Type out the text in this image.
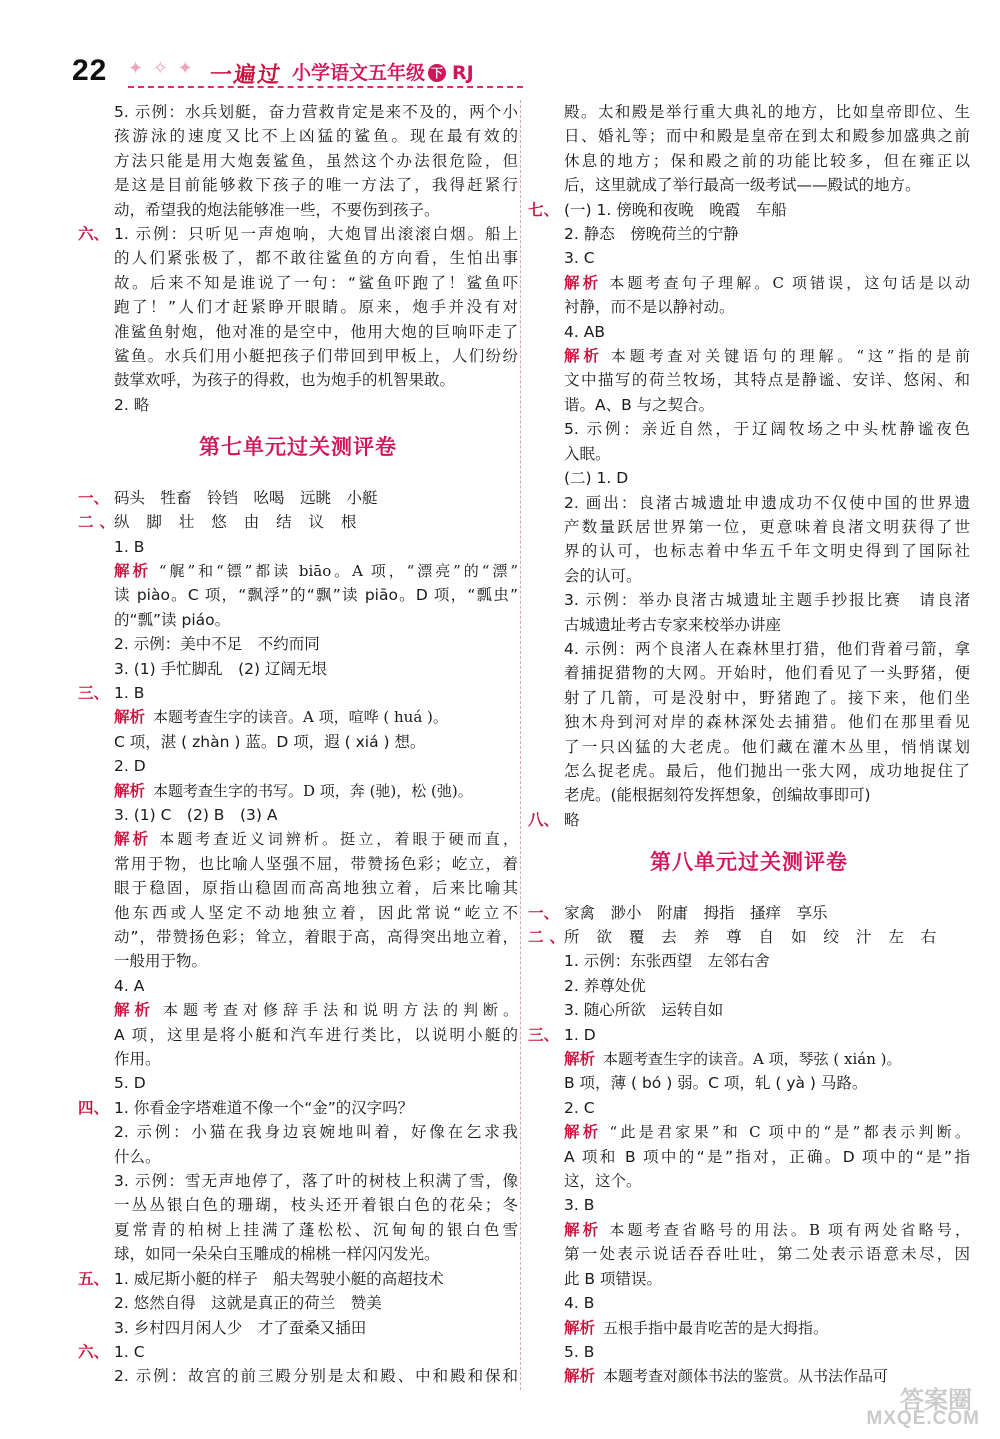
22 ✦ ✧ ✦ 一遍过 小学语文五年级 下 RJ
5. 示例：水兵划艇，奋力营救肯定是来不及的，两个小
孩游泳的速度又比不上凶猛的鲨鱼。现在最有效的
方法只能是用大炮轰鲨鱼，虽然这个办法很危险，但
是这是目前能够救下孩子的唯一方法了，我得赶紧行
动，希望我的炮法能够准一些，不要伤到孩子。
六、 1. 示例：只听见一声炮响，大炮冒出滚滚白烟。船上
的人们紧张极了，都不敢往鲨鱼的方向看，生怕出事
故。后来不知是谁说了一句：“鲨鱼吓跑了！鲨鱼吓
跑了！”人们才赶紧睁开眼睛。原来，炮手并没有对
准鲨鱼射炮，他对准的是空中，他用大炮的巨响吓走了
鲨鱼。水兵们用小艇把孩子们带回到甲板上，人们纷纷
鼓掌欢呼，为孩子的得救，也为炮手的机智果敢。
2. 略
第七单元过关测评卷
一、 码头　牲畜　铃铛　吆喝　远眺　小艇
二、
纵 脚 壮 悠 由 结 议 根
1. B
解析 “艉”和“镖”都读 biāo。A 项，“漂亮”的“漂”
读 piào。C 项，“飘浮”的“飘”读 piāo。D 项，“瓢虫”
的“瓢”读 piáo。
2. 示例：美中不足　不约而同
3. (1) 手忙脚乱　(2) 辽阔无垠
三、 1. B
解析 本题考查生字的读音。A 项，喧哗 ( huá )。
C 项，湛 ( zhàn ) 蓝。D 项，遐 ( xiá ) 想。
2. D
解析 本题考查生字的书写。D 项，奔 (驰)，松 (弛)。
3. (1) C　(2) B　(3) A
解析 本题考查近义词辨析。挺立，着眼于硬而直，
常用于物，也比喻人坚强不屈，带赞扬色彩；屹立，着
眼于稳固，原指山稳固而高高地独立着，后来比喻其
他东西或人坚定不动地独立着，因此常说“屹立不
动”，带赞扬色彩；耸立，着眼于高，高得突出地立着，
一般用于物。
4. A
解析 本题考查对修辞手法和说明方法的判断。
A 项，这里是将小艇和汽车进行类比，以说明小艇的
作用。
5. D
四、 1. 你看金字塔难道不像一个“金”的汉字吗？
2. 示例：小猫在我身边哀婉地叫着，好像在乞求我
什么。
3. 示例：雪无声地停了，落了叶的树枝上积满了雪，像
一丛丛银白色的珊瑚，枝头还开着银白色的花朵；冬
夏常青的柏树上挂满了蓬松松、沉甸甸的银白色雪
球，如同一朵朵白玉雕成的棉桃一样闪闪发光。
五、 1. 威尼斯小艇的样子　船夫驾驶小艇的高超技术
2. 悠然自得　这就是真正的荷兰　赞美
3. 乡村四月闲人少　才了蚕桑又插田
六、 1. C
2. 示例：故宫的前三殿分别是太和殿、中和殿和保和
殿。太和殿是举行重大典礼的地方，比如皇帝即位、生
日、婚礼等；而中和殿是皇帝在到太和殿参加盛典之前
休息的地方；保和殿之前的功能比较多，但在雍正以
后，这里就成了举行最高一级考试——殿试的地方。
七、 (一) 1. 傍晚和夜晚　晚霞　车船
2. 静态　傍晚荷兰的宁静
3. C
解析 本题考查句子理解。C 项错误，这句话是以动
衬静，而不是以静衬动。
4. AB
解析 本题考查对关键语句的理解。“这”指的是前
文中描写的荷兰牧场，其特点是静谧、安详、悠闲、和
谐。A、B 与之契合。
5. 示例：亲近自然，于辽阔牧场之中头枕静谧夜色
入眠。
(二) 1. D
2. 画出：良渚古城遗址申遗成功不仅使中国的世界遗
产数量跃居世界第一位，更意味着良渚文明获得了世
界的认可，也标志着中华五千年文明史得到了国际社
会的认可。
3. 示例：举办良渚古城遗址主题手抄报比赛　请良渚
古城遗址考古专家来校举办讲座
4. 示例：两个良渚人在森林里打猎，他们背着弓箭，拿
着捕捉猎物的大网。开始时，他们看见了一头野猪，便
射了几箭，可是没射中，野猪跑了。接下来，他们坐
独木舟到河对岸的森林深处去捕猎。他们在那里看见
了一只凶猛的大老虎。他们藏在灌木丛里，悄悄谋划
怎么捉老虎。最后，他们抛出一张大网，成功地捉住了
老虎。(能根据刻符发挥想象，创编故事即可)
八、 略
第八单元过关测评卷
一、 家禽　渺小　附庸　拇指　搔痒　享乐
二、
所 欲 覆 去 养 尊 自 如 绞 汁 左 右
1. 示例：东张西望　左邻右舍
2. 养尊处优
3. 随心所欲　运转自如
三、 1. D
解析 本题考查生字的读音。A 项，琴弦 ( xián )。
B 项，薄 ( bó ) 弱。C 项，轧 ( yà ) 马路。
2. C
解析 “此是君家果”和 C 项中的“是”都表示判断。
A 项和 B 项中的“是”指对，正确。D 项中的“是”指
这，这个。
3. B
解析 本题考查省略号的用法。B 项有两处省略号，
第一处表示说话吞吞吐吐，第二处表示语意未尽，因
此 B 项错误。
4. B
解析 五根手指中最肯吃苦的是大拇指。
5. B
解析 本题考查对颜体书法的鉴赏。从书法作品可
答案圈
MXQE.COM
